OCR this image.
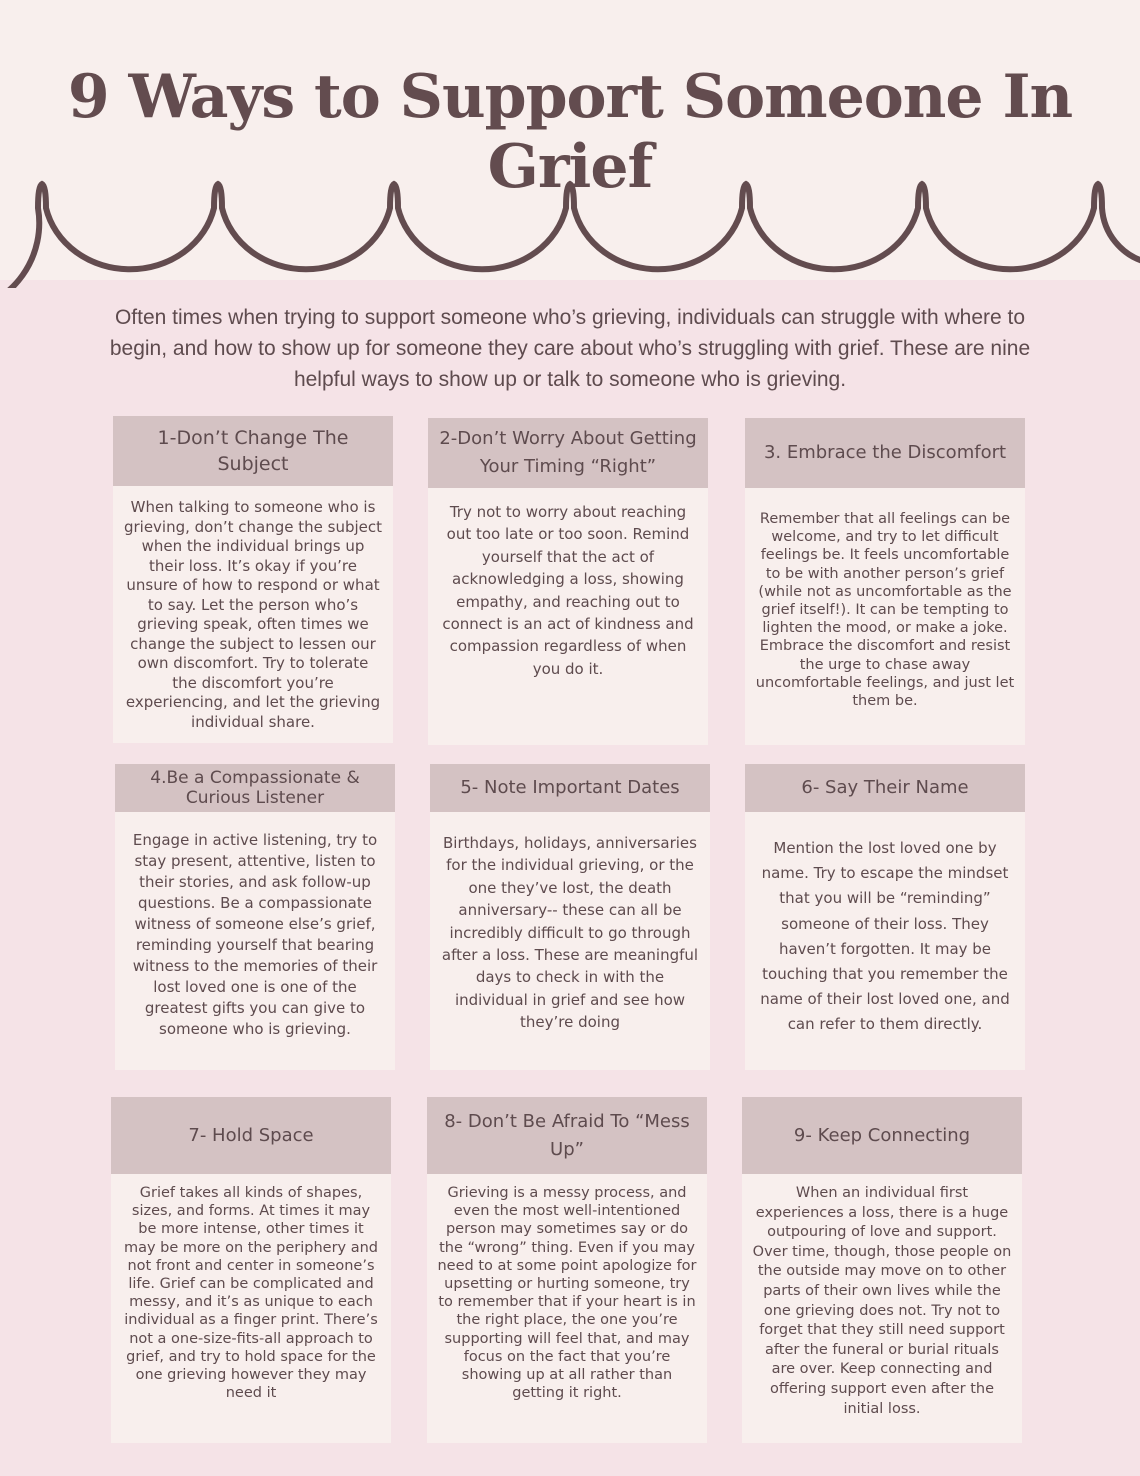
9 Ways to Support Someone In Grief

Often times when trying to support someone who’s grieving, individuals can struggle with where to begin, and how to show up for someone they care about who’s struggling with grief. These are nine helpful ways to show up or talk to someone who is grieving.

1-Don’t Change The Subject

When talking to someone who is grieving, don’t change the subject when the individual brings up their loss. It’s okay if you’re unsure of how to respond or what to say. Let the person who’s grieving speak, often times we change the subject to lessen our own discomfort. Try to tolerate the discomfort you’re experiencing, and let the grieving individual share.

2-Don’t Worry About Getting Your Timing “Right”

Try not to worry about reaching out too late or too soon. Remind yourself that the act of acknowledging a loss, showing empathy, and reaching out to connect is an act of kindness and compassion regardless of when you do it.

3. Embrace the Discomfort

Remember that all feelings can be welcome, and try to let difficult feelings be. It feels uncomfortable to be with another person’s grief (while not as uncomfortable as the grief itself!). It can be tempting to lighten the mood, or make a joke. Embrace the discomfort and resist the urge to chase away uncomfortable feelings, and just let them be.

4.Be a Compassionate & Curious Listener

Engage in active listening, try to stay present, attentive, listen to their stories, and ask follow-up questions. Be a compassionate witness of someone else’s grief, reminding yourself that bearing witness to the memories of their lost loved one is one of the greatest gifts you can give to someone who is grieving.

5- Note Important Dates

Birthdays, holidays, anniversaries for the individual grieving, or the one they’ve lost, the death anniversary-- these can all be incredibly difficult to go through after a loss. These are meaningful days to check in with the individual in grief and see how they’re doing

6- Say Their Name

Mention the lost loved one by name. Try to escape the mindset that you will be “reminding” someone of their loss. They haven’t forgotten. It may be touching that you remember the name of their lost loved one, and can refer to them directly.

7- Hold Space

Grief takes all kinds of shapes, sizes, and forms. At times it may be more intense, other times it may be more on the periphery and not front and center in someone’s life. Grief can be complicated and messy, and it’s as unique to each individual as a finger print. There’s not a one-size-fits-all approach to grief, and try to hold space for the one grieving however they may need it

8- Don’t Be Afraid To “Mess Up”

Grieving is a messy process, and even the most well-intentioned person may sometimes say or do the “wrong” thing. Even if you may need to at some point apologize for upsetting or hurting someone, try to remember that if your heart is in the right place, the one you’re supporting will feel that, and may focus on the fact that you’re showing up at all rather than getting it right.

9- Keep Connecting

When an individual first experiences a loss, there is a huge outpouring of love and support. Over time, though, those people on the outside may move on to other parts of their own lives while the one grieving does not. Try not to forget that they still need support after the funeral or burial rituals are over. Keep connecting and offering support even after the initial loss.
